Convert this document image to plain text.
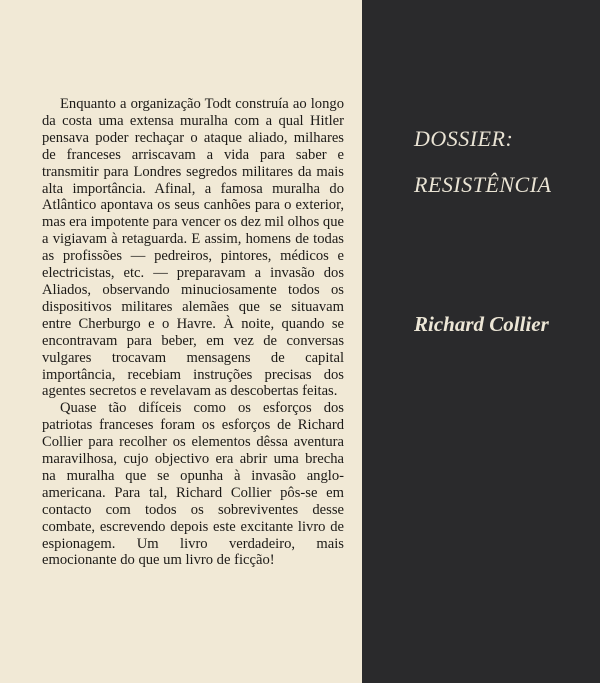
Enquanto a organização Todt construía ao longo da costa uma extensa muralha com a qual Hitler pensava poder rechaçar o ataque aliado, milhares de franceses arriscavam a vida para saber e transmitir para Londres segredos militares da mais alta importância. Afinal, a famosa muralha do Atlântico apontava os seus canhões para o exterior, mas era impotente para vencer os dez mil olhos que a vigiavam à retaguarda. E assim, homens de todas as profissões — pedreiros, pintores, médicos e electricistas, etc. — preparavam a invasão dos Aliados, observando minuciosamente todos os dispositivos militares alemães que se situavam entre Cherburgo e o Havre. À noite, quando se encontravam para beber, em vez de conversas vulgares trocavam mensagens de capital importância, recebiam instruções precisas dos agentes secretos e revelavam as descobertas feitas.

Quase tão difíceis como os esforços dos patriotas franceses foram os esforços de Richard Collier para recolher os elementos dêssa aventura maravilhosa, cujo objectivo era abrir uma brecha na muralha que se opunha à invasão anglo-americana. Para tal, Richard Collier pôs-se em contacto com todos os sobreviventes desse combate, escrevendo depois este excitante livro de espionagem. Um livro verdadeiro, mais emocionante do que um livro de ficção!

DOSSIER:
RESISTÊNCIA
Richard Collier
